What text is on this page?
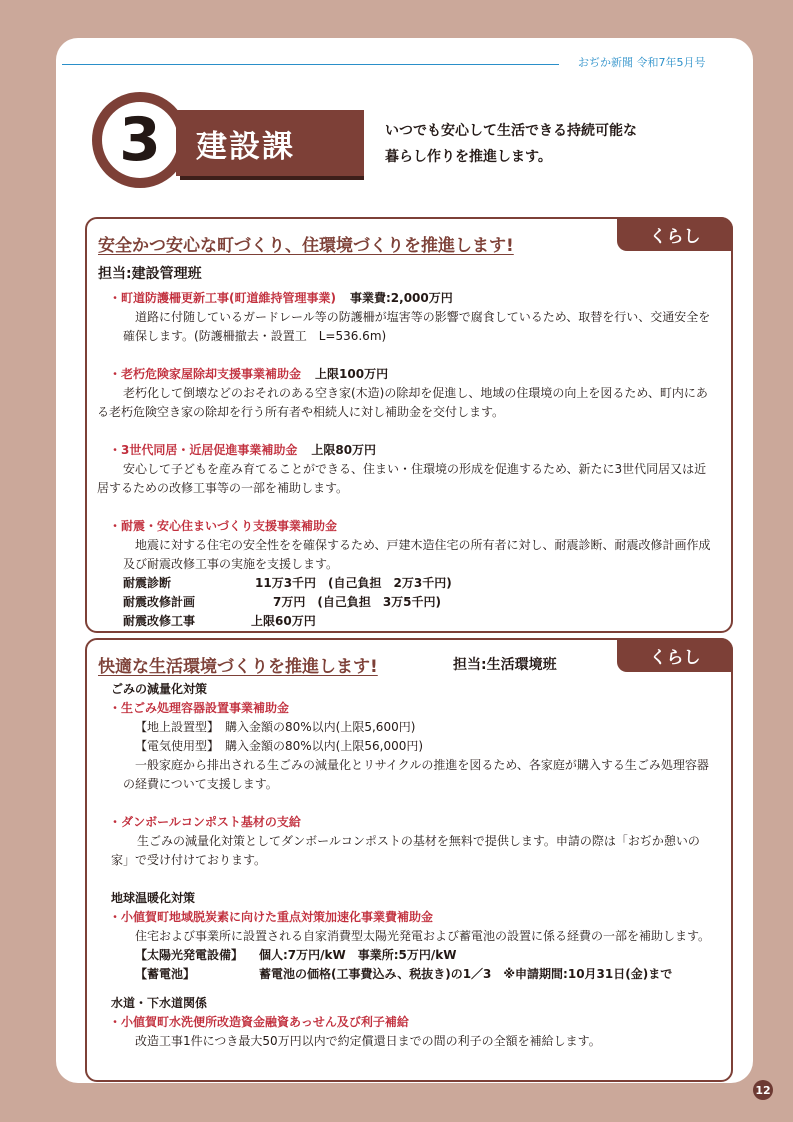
おぢか新聞 令和7年5月号
3	建設課	いつでも安心して生活できる持続可能な
暮らし作りを推進します。
くらし
安全かつ安心な町づくり、住環境づくりを推進します!
担当:建設管理班
・町道防護柵更新工事(町道維持管理事業) 事業費:2,000万円
道路に付随しているガードレール等の防護柵が塩害等の影響で腐食しているため、取替を行い、交通安全を確保します。(防護柵撤去・設置工　L=536.6m)
・老朽危険家屋除却支援事業補助金 上限100万円
老朽化して倒壊などのおそれのある空き家(木造)の除却を促進し、地域の住環境の向上を図るため、町内にある老朽危険空き家の除却を行う所有者や相続人に対し補助金を交付します。
・3世代同居・近居促進事業補助金 上限80万円
安心して子どもを産み育てることができる、住まい・住環境の形成を促進するため、新たに3世代同居又は近居するための改修工事等の一部を補助します。
・耐震・安心住まいづくり支援事業補助金
地震に対する住宅の安全性をを確保するため、戸建木造住宅の所有者に対し、耐震診断、耐震改修計画作成及び耐震改修工事の実施を支援します。
耐震診断	11万3千円　(自己負担　2万3千円)
耐震改修計画	7万円　(自己負担　3万5千円)
耐震改修工事	上限60万円
くらし
快適な生活環境づくりを推進します!	担当:生活環境班
ごみの減量化対策
・生ごみ処理容器設置事業補助金
【地上設置型】　購入金額の80%以内(上限5,600円)
【電気使用型】　購入金額の80%以内(上限56,000円)
一般家庭から排出される生ごみの減量化とリサイクルの推進を図るため、各家庭が購入する生ごみ処理容器の経費について支援します。
・ダンボールコンポスト基材の支給
生ごみの減量化対策としてダンボールコンポストの基材を無料で提供します。申請の際は「おぢか憩いの家」で受け付けております。
地球温暖化対策
・小値賀町地域脱炭素に向けた重点対策加速化事業費補助金
住宅および事業所に設置される自家消費型太陽光発電および蓄電池の設置に係る経費の一部を補助します。
【太陽光発電設備】	個人:7万円/kW　事業所:5万円/kW
【蓄電池】	蓄電池の価格(工事費込み、税抜き)の1／3　※申請期間:10月31日(金)まで
水道・下水道関係
・小値賀町水洗便所改造資金融資あっせん及び利子補給
改造工事1件につき最大50万円以内で約定償還日までの間の利子の全額を補給します。
12
